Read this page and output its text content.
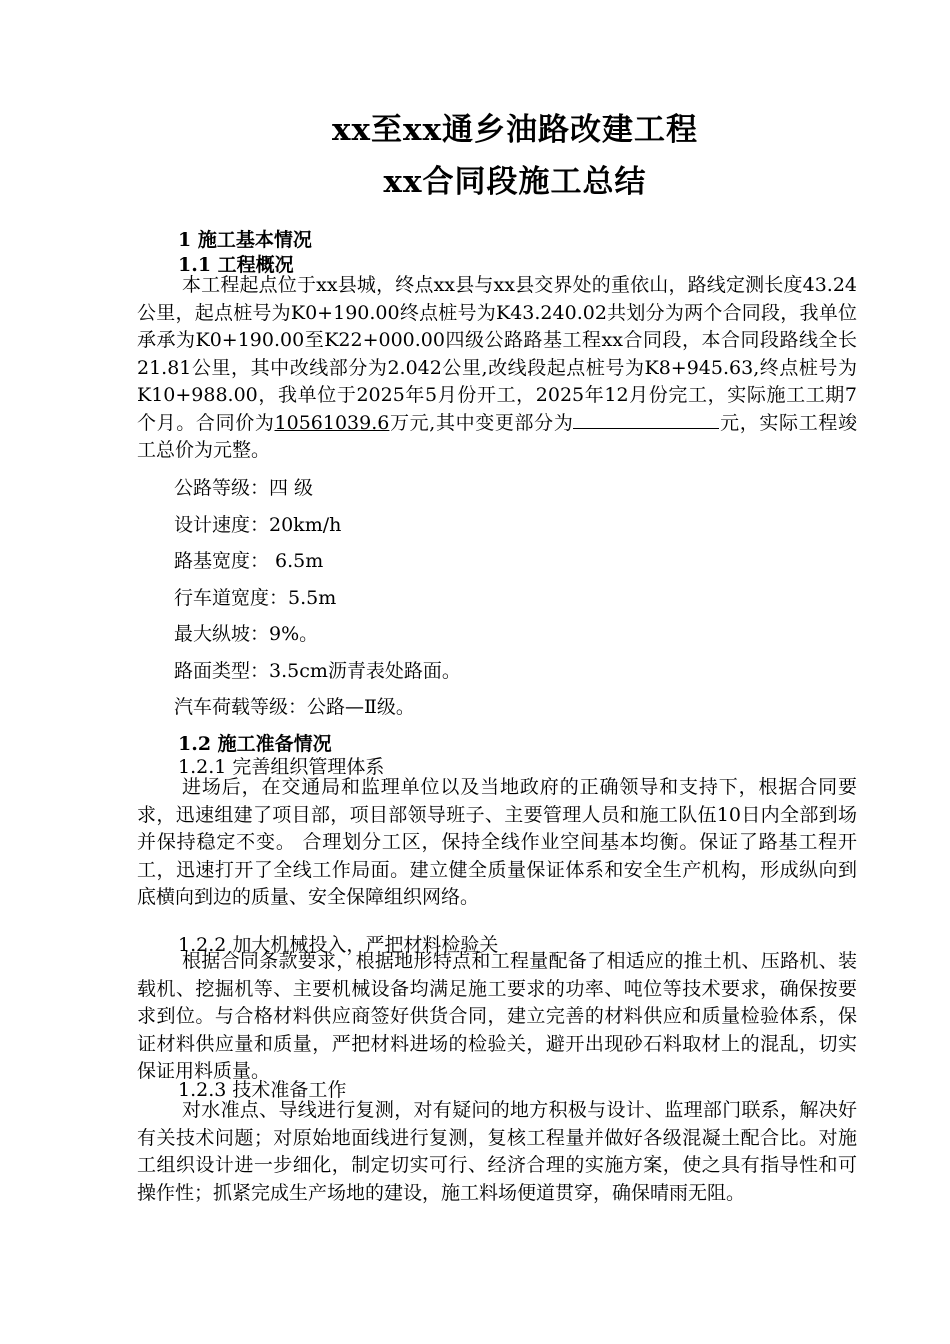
xx至xx通乡油路改建工程
xx合同段施工总结
1 施工基本情况
1.1 工程概况

本工程起点位于xx县城，终点xx县与xx县交界处的重依山，路线定测长度43.24公里，起点桩号为K0+190.00终点桩号为K43.240.02共划分为两个合同段，我单位承承为K0+190.00至K22+000.00四级公路路基工程xx合同段，本合同段路线全长21.81公里，其中改线部分为2.042公里,改线段起点桩号为K8+945.63,终点桩号为K10+988.00，我单位于2025年5月份开工，2025年12月份完工，实际施工工期7个月。合同价为10561039.6万元,其中变更部分为	元，实际工程竣工总价为元整。

公路等级：四 级
设计速度：20km/h
路基宽度： 6.5m
行车道宽度：5.5m
最大纵坡：9%。
路面类型：3.5cm沥青表处路面。
汽车荷载等级：公路—Ⅱ级。
1.2 施工准备情况
1.2.1 完善组织管理体系

进场后，在交通局和监理单位以及当地政府的正确领导和支持下，根据合同要求，迅速组建了项目部，项目部领导班子、主要管理人员和施工队伍10日内全部到场并保持稳定不变。 合理划分工区，保持全线作业空间基本均衡。保证了路基工程开工，迅速打开了全线工作局面。建立健全质量保证体系和安全生产机构，形成纵向到底横向到边的质量、安全保障组织网络。

1.2.2 加大机械投入，严把材料检验关

根据合同条款要求，根据地形特点和工程量配备了相适应的推土机、压路机、装载机、挖掘机等、主要机械设备均满足施工要求的功率、吨位等技术要求，确保按要求到位。与合格材料供应商签好供货合同，建立完善的材料供应和质量检验体系，保证材料供应量和质量，严把材料进场的检验关，避开出现砂石料取材上的混乱，切实保证用料质量。

1.2.3 技术准备工作

对水准点、导线进行复测，对有疑问的地方积极与设计、监理部门联系，解决好有关技术问题；对原始地面线进行复测，复核工程量并做好各级混凝土配合比。对施工组织设计进一步细化，制定切实可行、经济合理的实施方案，使之具有指导性和可操作性；抓紧完成生产场地的建设，施工料场便道贯穿，确保晴雨无阻。
